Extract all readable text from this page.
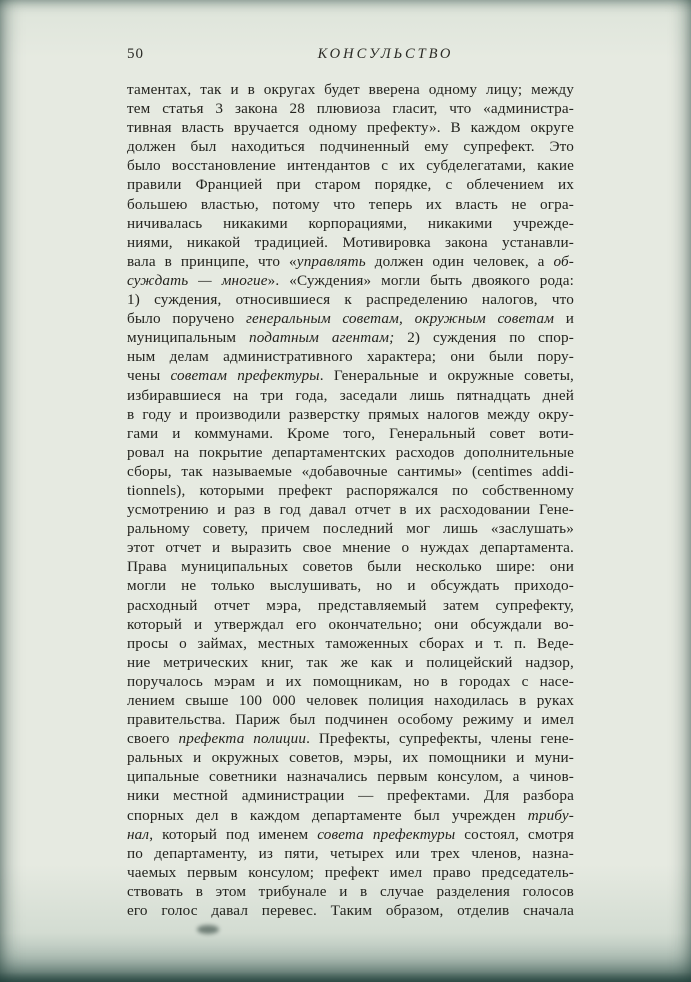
50	КОНСУЛЬСТВО
таментах, так и в округах будет вверена одному лицу; между
тем статья 3 закона 28 плювиоза гласит, что «администра-
тивная власть вручается одному префекту». В каждом округе
должен был находиться подчиненный ему супрефект. Это
было восстановление интендантов с их субделегатами, какие
правили Францией при старом порядке, с облечением их
большею властью, потому что теперь их власть не огра-
ничивалась никакими корпорациями, никакими учрежде-
ниями, никакой традицией. Мотивировка закона устанавли-
вала в принципе, что «управлять должен один человек, а об-
суждать — многие». «Суждения» могли быть двоякого рода:
1) суждения, относившиеся к распределению налогов, что
было поручено генеральным советам, окружным советам и
муниципальным податным агентам; 2) суждения по спор-
ным делам административного характера; они были пору-
чены советам префектуры. Генеральные и окружные советы,
избиравшиеся на три года, заседали лишь пятнадцать дней
в году и производили разверстку прямых налогов между окру-
гами и коммунами. Кроме того, Генеральный совет воти-
ровал на покрытие департаментских расходов дополнительные
сборы, так называемые «добавочные сантимы» (centimes addi-
tionnels), которыми префект распоряжался по собственному
усмотрению и раз в год давал отчет в их расходовании Гене-
ральному совету, причем последний мог лишь «заслушать»
этот отчет и выразить свое мнение о нуждах департамента.
Права муниципальных советов были несколько шире: они
могли не только выслушивать, но и обсуждать приходо-
расходный отчет мэра, представляемый затем супрефекту,
который и утверждал его окончательно; они обсуждали во-
просы о займах, местных таможенных сборах и т. п. Веде-
ние метрических книг, так же как и полицейский надзор,
поручалось мэрам и их помощникам, но в городах с насе-
лением свыше 100 000 человек полиция находилась в руках
правительства. Париж был подчинен особому режиму и имел
своего префекта полиции. Префекты, супрефекты, члены гене-
ральных и окружных советов, мэры, их помощники и муни-
ципальные советники назначались первым консулом, а чинов-
ники местной администрации — префектами. Для разбора
спорных дел в каждом департаменте был учрежден трибу-
нал, который под именем совета префектуры состоял, смотря
по департаменту, из пяти, четырех или трех членов, назна-
чаемых первым консулом; префект имел право председатель-
ствовать в этом трибунале и в случае разделения голосов
его голос давал перевес. Таким образом, отделив сначала
